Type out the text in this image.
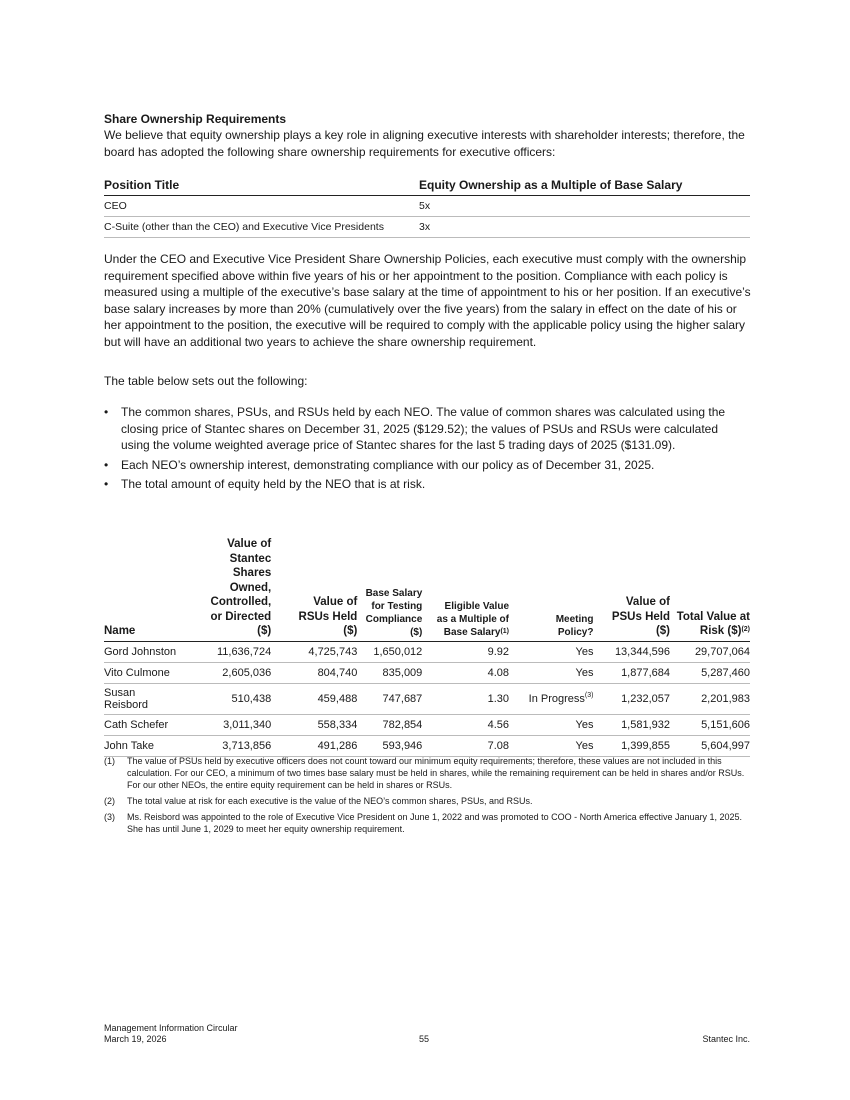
Share Ownership Requirements

We believe that equity ownership plays a key role in aligning executive interests with shareholder interests; therefore, the board has adopted the following share ownership requirements for executive officers:

Position Title	Equity Ownership as a Multiple of Base Salary
CEO	5x
C-Suite (other than the CEO) and Executive Vice Presidents	3x

Under the CEO and Executive Vice President Share Ownership Policies, each executive must comply with the ownership requirement specified above within five years of his or her appointment to the position. Compliance with each policy is measured using a multiple of the executive’s base salary at the time of appointment to his or her position. If an executive’s base salary increases by more than 20% (cumulatively over the five years) from the salary in effect on the date of his or her appointment to the position, the executive will be required to comply with the applicable policy using the higher salary but will have an additional two years to achieve the share ownership requirement.

The table below sets out the following:

• The common shares, PSUs, and RSUs held by each NEO. The value of common shares was calculated using the closing price of Stantec shares on December 31, 2025 ($129.52); the values of PSUs and RSUs were calculated using the volume weighted average price of Stantec shares for the last 5 trading days of 2025 ($131.09).
• Each NEO’s ownership interest, demonstrating compliance with our policy as of December 31, 2025.
• The total amount of equity held by the NEO that is at risk.
Name		Value of Stantec Shares Owned, Controlled, or Directed ($)	Value of RSUs Held ($)	Base Salary for Testing Compliance ($)	Eligible Value as a Multiple of Base Salary$^{(1)}$	Meeting Policy?	Value of PSUs Held ($)	Total Value at Risk ($)$^{(2)}$
Gord Johnston		11,636,724	4,725,743	1,650,012	9.92	Yes	13,344,596	29,707,064
Vito Culmone		2,605,036	804,740	835,009	4.08	Yes	1,877,684	5,287,460
Susan Reisbord		510,438	459,488	747,687	1.30	In Progress$^{(3)}$	1,232,057	2,201,983
Cath Schefer		3,011,340	558,334	782,854	4.56	Yes	1,581,932	5,151,606
John Take		3,713,856	491,286	593,946	7.08	Yes	1,399,855	5,604,997
(1)	The value of PSUs held by executive officers does not count toward our minimum equity requirements; therefore, these values are not included in this calculation. For our CEO, a minimum of two times base salary must be held in shares, while the remaining requirement can be held in shares and/or RSUs. For our other NEOs, the entire equity requirement can be held in shares or RSUs.
(2)	The total value at risk for each executive is the value of the NEO’s common shares, PSUs, and RSUs.
(3)	Ms. Reisbord was appointed to the role of Executive Vice President on June 1, 2022 and was promoted to COO - North America effective January 1, 2025. She has until June 1, 2029 to meet her equity ownership requirement.
Management Information Circular
March 19, 2026	55	Stantec Inc.
